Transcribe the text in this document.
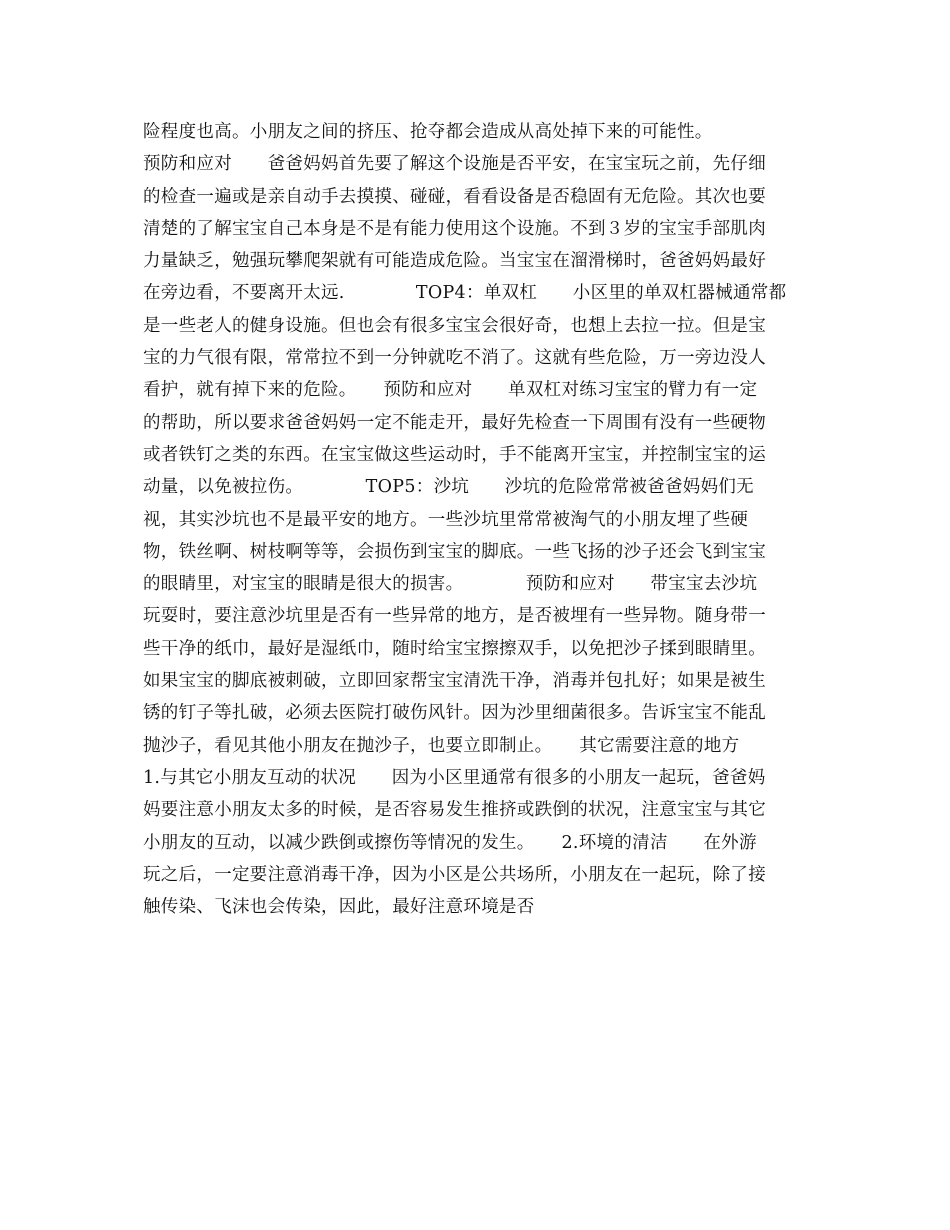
险程度也高。小朋友之间的挤压、抢夺都会造成从高处掉下来的可能性。
预防和应对　　爸爸妈妈首先要了解这个设施是否平安，在宝宝玩之前，先仔细
的检查一遍或是亲自动手去摸摸、碰碰，看看设备是否稳固有无危险。其次也要
清楚的了解宝宝自己本身是不是有能力使用这个设施。不到３岁的宝宝手部肌肉
力量缺乏，勉强玩攀爬架就有可能造成危险。当宝宝在溜滑梯时，爸爸妈妈最好
在旁边看，不要离开太远.　　　　TOP4：单双杠　　小区里的单双杠器械通常都
是一些老人的健身设施。但也会有很多宝宝会很好奇，也想上去拉一拉。但是宝
宝的力气很有限，常常拉不到一分钟就吃不消了。这就有些危险，万一旁边没人
看护，就有掉下来的危险。　　预防和应对　　单双杠对练习宝宝的臂力有一定
的帮助，所以要求爸爸妈妈一定不能走开，最好先检查一下周围有没有一些硬物
或者铁钉之类的东西。在宝宝做这些运动时，手不能离开宝宝，并控制宝宝的运
动量，以免被拉伤。　　　　TOP5：沙坑　　沙坑的危险常常被爸爸妈妈们无
视，其实沙坑也不是最平安的地方。一些沙坑里常常被淘气的小朋友埋了些硬
物，铁丝啊、树枝啊等等，会损伤到宝宝的脚底。一些飞扬的沙子还会飞到宝宝
的眼睛里，对宝宝的眼睛是很大的损害。　　　　预防和应对　　带宝宝去沙坑
玩耍时，要注意沙坑里是否有一些异常的地方，是否被埋有一些异物。随身带一
些干净的纸巾，最好是湿纸巾，随时给宝宝擦擦双手，以免把沙子揉到眼睛里。
如果宝宝的脚底被刺破，立即回家帮宝宝清洗干净，消毒并包扎好；如果是被生
锈的钉子等扎破，必须去医院打破伤风针。因为沙里细菌很多。告诉宝宝不能乱
抛沙子，看见其他小朋友在抛沙子，也要立即制止。　　其它需要注意的地方
1.与其它小朋友互动的状况　　因为小区里通常有很多的小朋友一起玩，爸爸妈
妈要注意小朋友太多的时候，是否容易发生推挤或跌倒的状况，注意宝宝与其它
小朋友的互动，以减少跌倒或擦伤等情况的发生。　　2.环境的清洁　　在外游
玩之后，一定要注意消毒干净，因为小区是公共场所，小朋友在一起玩，除了接
触传染、飞沫也会传染，因此，最好注意环境是否
